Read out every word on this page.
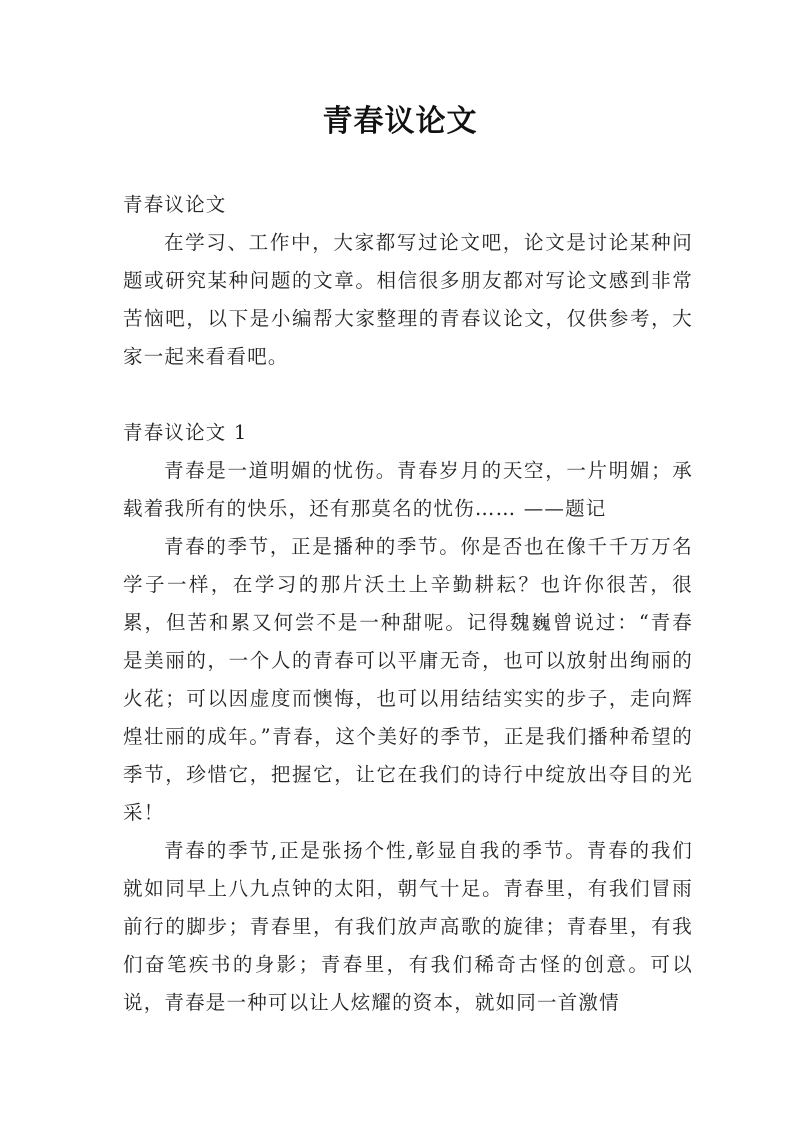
青春议论文

青春议论文

在学习、工作中，大家都写过论文吧，论文是讨论某种问题或研究某种问题的文章。相信很多朋友都对写论文感到非常苦恼吧，以下是小编帮大家整理的青春议论文，仅供参考，大家一起来看看吧。

青春议论文 1

青春是一道明媚的忧伤。青春岁月的天空，一片明媚；承载着我所有的快乐，还有那莫名的忧伤…… ——题记

青春的季节，正是播种的季节。你是否也在像千千万万名学子一样，在学习的那片沃土上辛勤耕耘？也许你很苦，很累，但苦和累又何尝不是一种甜呢。记得魏巍曾说过：“青春是美丽的，一个人的青春可以平庸无奇，也可以放射出绚丽的火花；可以因虚度而懊悔，也可以用结结实实的步子，走向辉煌壮丽的成年。”青春，这个美好的季节，正是我们播种希望的季节，珍惜它，把握它，让它在我们的诗行中绽放出夺目的光采！

青春的季节,正是张扬个性,彰显自我的季节。青春的我们就如同早上八九点钟的太阳，朝气十足。青春里，有我们冒雨前行的脚步；青春里，有我们放声高歌的旋律；青春里，有我们奋笔疾书的身影；青春里，有我们稀奇古怪的创意。可以说，青春是一种可以让人炫耀的资本，就如同一首激情
